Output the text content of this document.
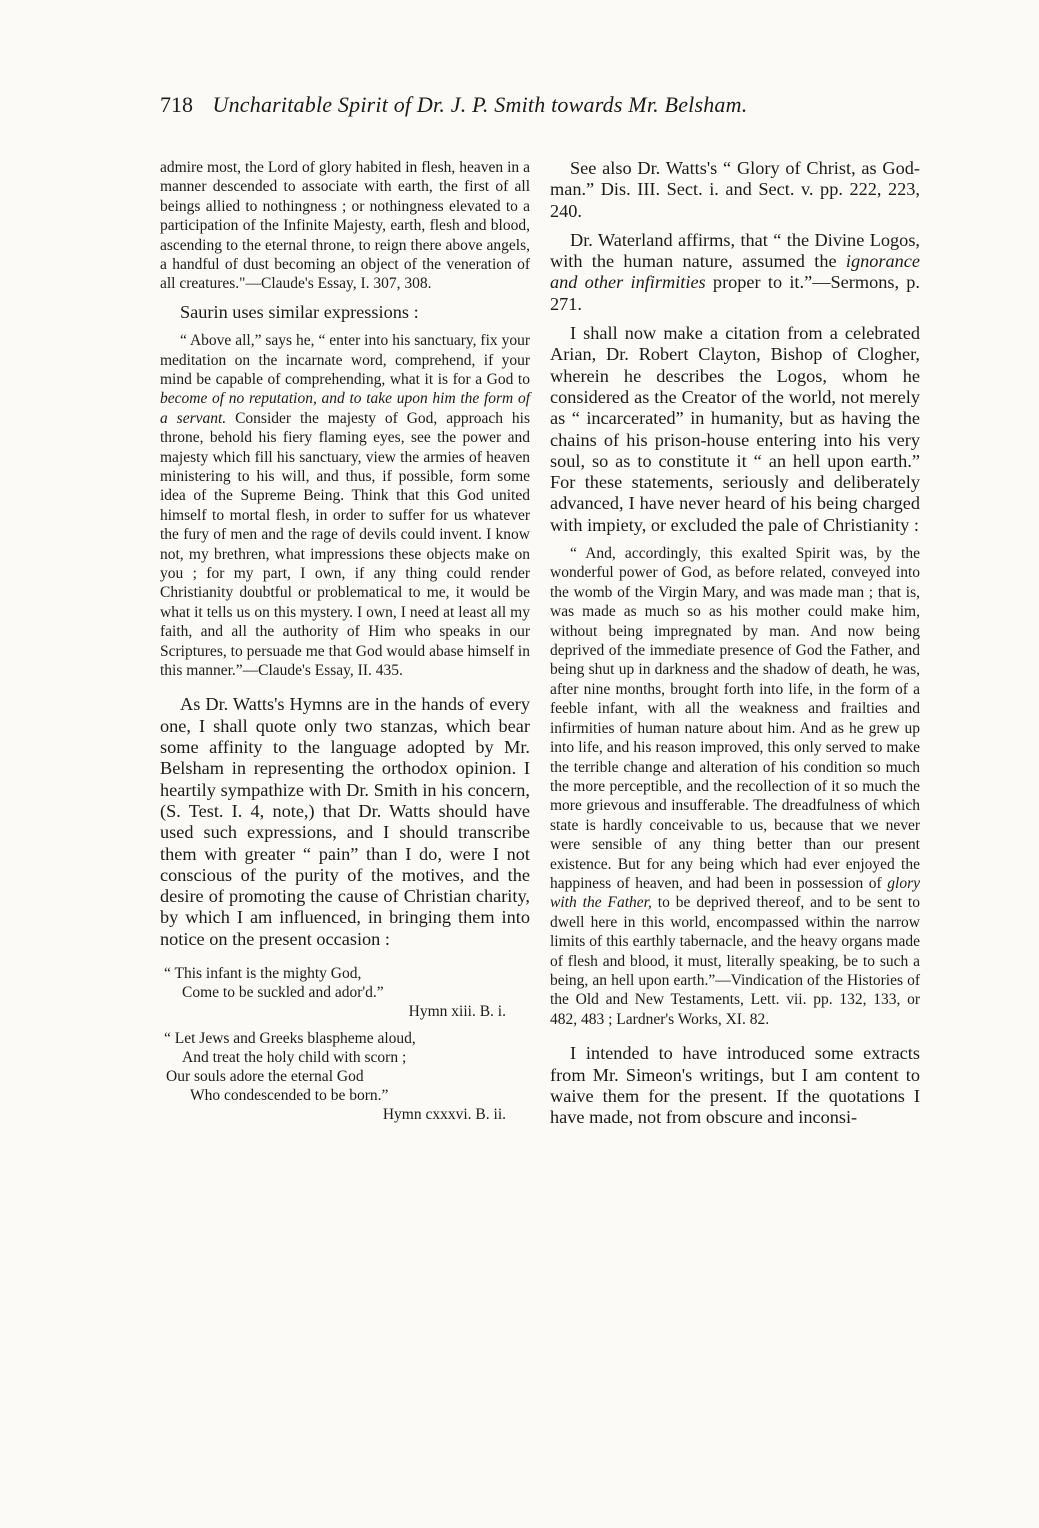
718 Uncharitable Spirit of Dr. J. P. Smith towards Mr. Belsham.

admire most, the Lord of glory habited in flesh, heaven in a manner descended to associate with earth, the first of all beings allied to nothingness ; or nothingness elevated to a participation of the Infinite Majesty, earth, flesh and blood, ascending to the eternal throne, to reign there above angels, a handful of dust becoming an object of the veneration of all creatures."—Claude's Essay, I. 307, 308.

Saurin uses similar expressions :

“ Above all,” says he, “ enter into his sanctuary, fix your meditation on the incarnate word, comprehend, if your mind be capable of comprehending, what it is for a God to become of no reputation, and to take upon him the form of a servant. Consider the majesty of God, approach his throne, behold his fiery flaming eyes, see the power and majesty which fill his sanctuary, view the armies of heaven ministering to his will, and thus, if possible, form some idea of the Supreme Being. Think that this God united himself to mortal flesh, in order to suffer for us whatever the fury of men and the rage of devils could invent. I know not, my brethren, what impressions these objects make on you ; for my part, I own, if any thing could render Christianity doubtful or problematical to me, it would be what it tells us on this mystery. I own, I need at least all my faith, and all the authority of Him who speaks in our Scriptures, to persuade me that God would abase himself in this manner.”—Claude's Essay, II. 435.

As Dr. Watts's Hymns are in the hands of every one, I shall quote only two stanzas, which bear some affinity to the language adopted by Mr. Belsham in representing the orthodox opinion. I heartily sympathize with Dr. Smith in his concern, (S. Test. I. 4, note,) that Dr. Watts should have used such expressions, and I should transcribe them with greater “ pain” than I do, were I not conscious of the purity of the motives, and the desire of promoting the cause of Christian charity, by which I am influenced, in bringing them into notice on the present occasion :

“ This infant is the mighty God,
Come to be suckled and ador'd.”
Hymn xiii. B. i.
“ Let Jews and Greeks blaspheme aloud,
And treat the holy child with scorn ;
Our souls adore the eternal God
Who condescended to be born.”
Hymn cxxxvi. B. ii.

See also Dr. Watts's “ Glory of Christ, as God-man.” Dis. III. Sect. i. and Sect. v. pp. 222, 223, 240.

Dr. Waterland affirms, that “ the Divine Logos, with the human nature, assumed the ignorance and other infirmities proper to it.”—Sermons, p. 271.

I shall now make a citation from a celebrated Arian, Dr. Robert Clayton, Bishop of Clogher, wherein he describes the Logos, whom he considered as the Creator of the world, not merely as “ incarcerated” in humanity, but as having the chains of his prison-house entering into his very soul, so as to constitute it “ an hell upon earth.” For these statements, seriously and deliberately advanced, I have never heard of his being charged with impiety, or excluded the pale of Christianity :

“ And, accordingly, this exalted Spirit was, by the wonderful power of God, as before related, conveyed into the womb of the Virgin Mary, and was made man ; that is, was made as much so as his mother could make him, without being impregnated by man. And now being deprived of the immediate presence of God the Father, and being shut up in darkness and the shadow of death, he was, after nine months, brought forth into life, in the form of a feeble infant, with all the weakness and frailties and infirmities of human nature about him. And as he grew up into life, and his reason improved, this only served to make the terrible change and alteration of his condition so much the more perceptible, and the recollection of it so much the more grievous and insufferable. The dreadfulness of which state is hardly conceivable to us, because that we never were sensible of any thing better than our present existence. But for any being which had ever enjoyed the happiness of heaven, and had been in possession of glory with the Father, to be deprived thereof, and to be sent to dwell here in this world, encompassed within the narrow limits of this earthly tabernacle, and the heavy organs made of flesh and blood, it must, literally speaking, be to such a being, an hell upon earth.”—Vindication of the Histories of the Old and New Testaments, Lett. vii. pp. 132, 133, or 482, 483 ; Lardner's Works, XI. 82.

I intended to have introduced some extracts from Mr. Simeon's writings, but I am content to waive them for the present. If the quotations I have made, not from obscure and inconsi-
